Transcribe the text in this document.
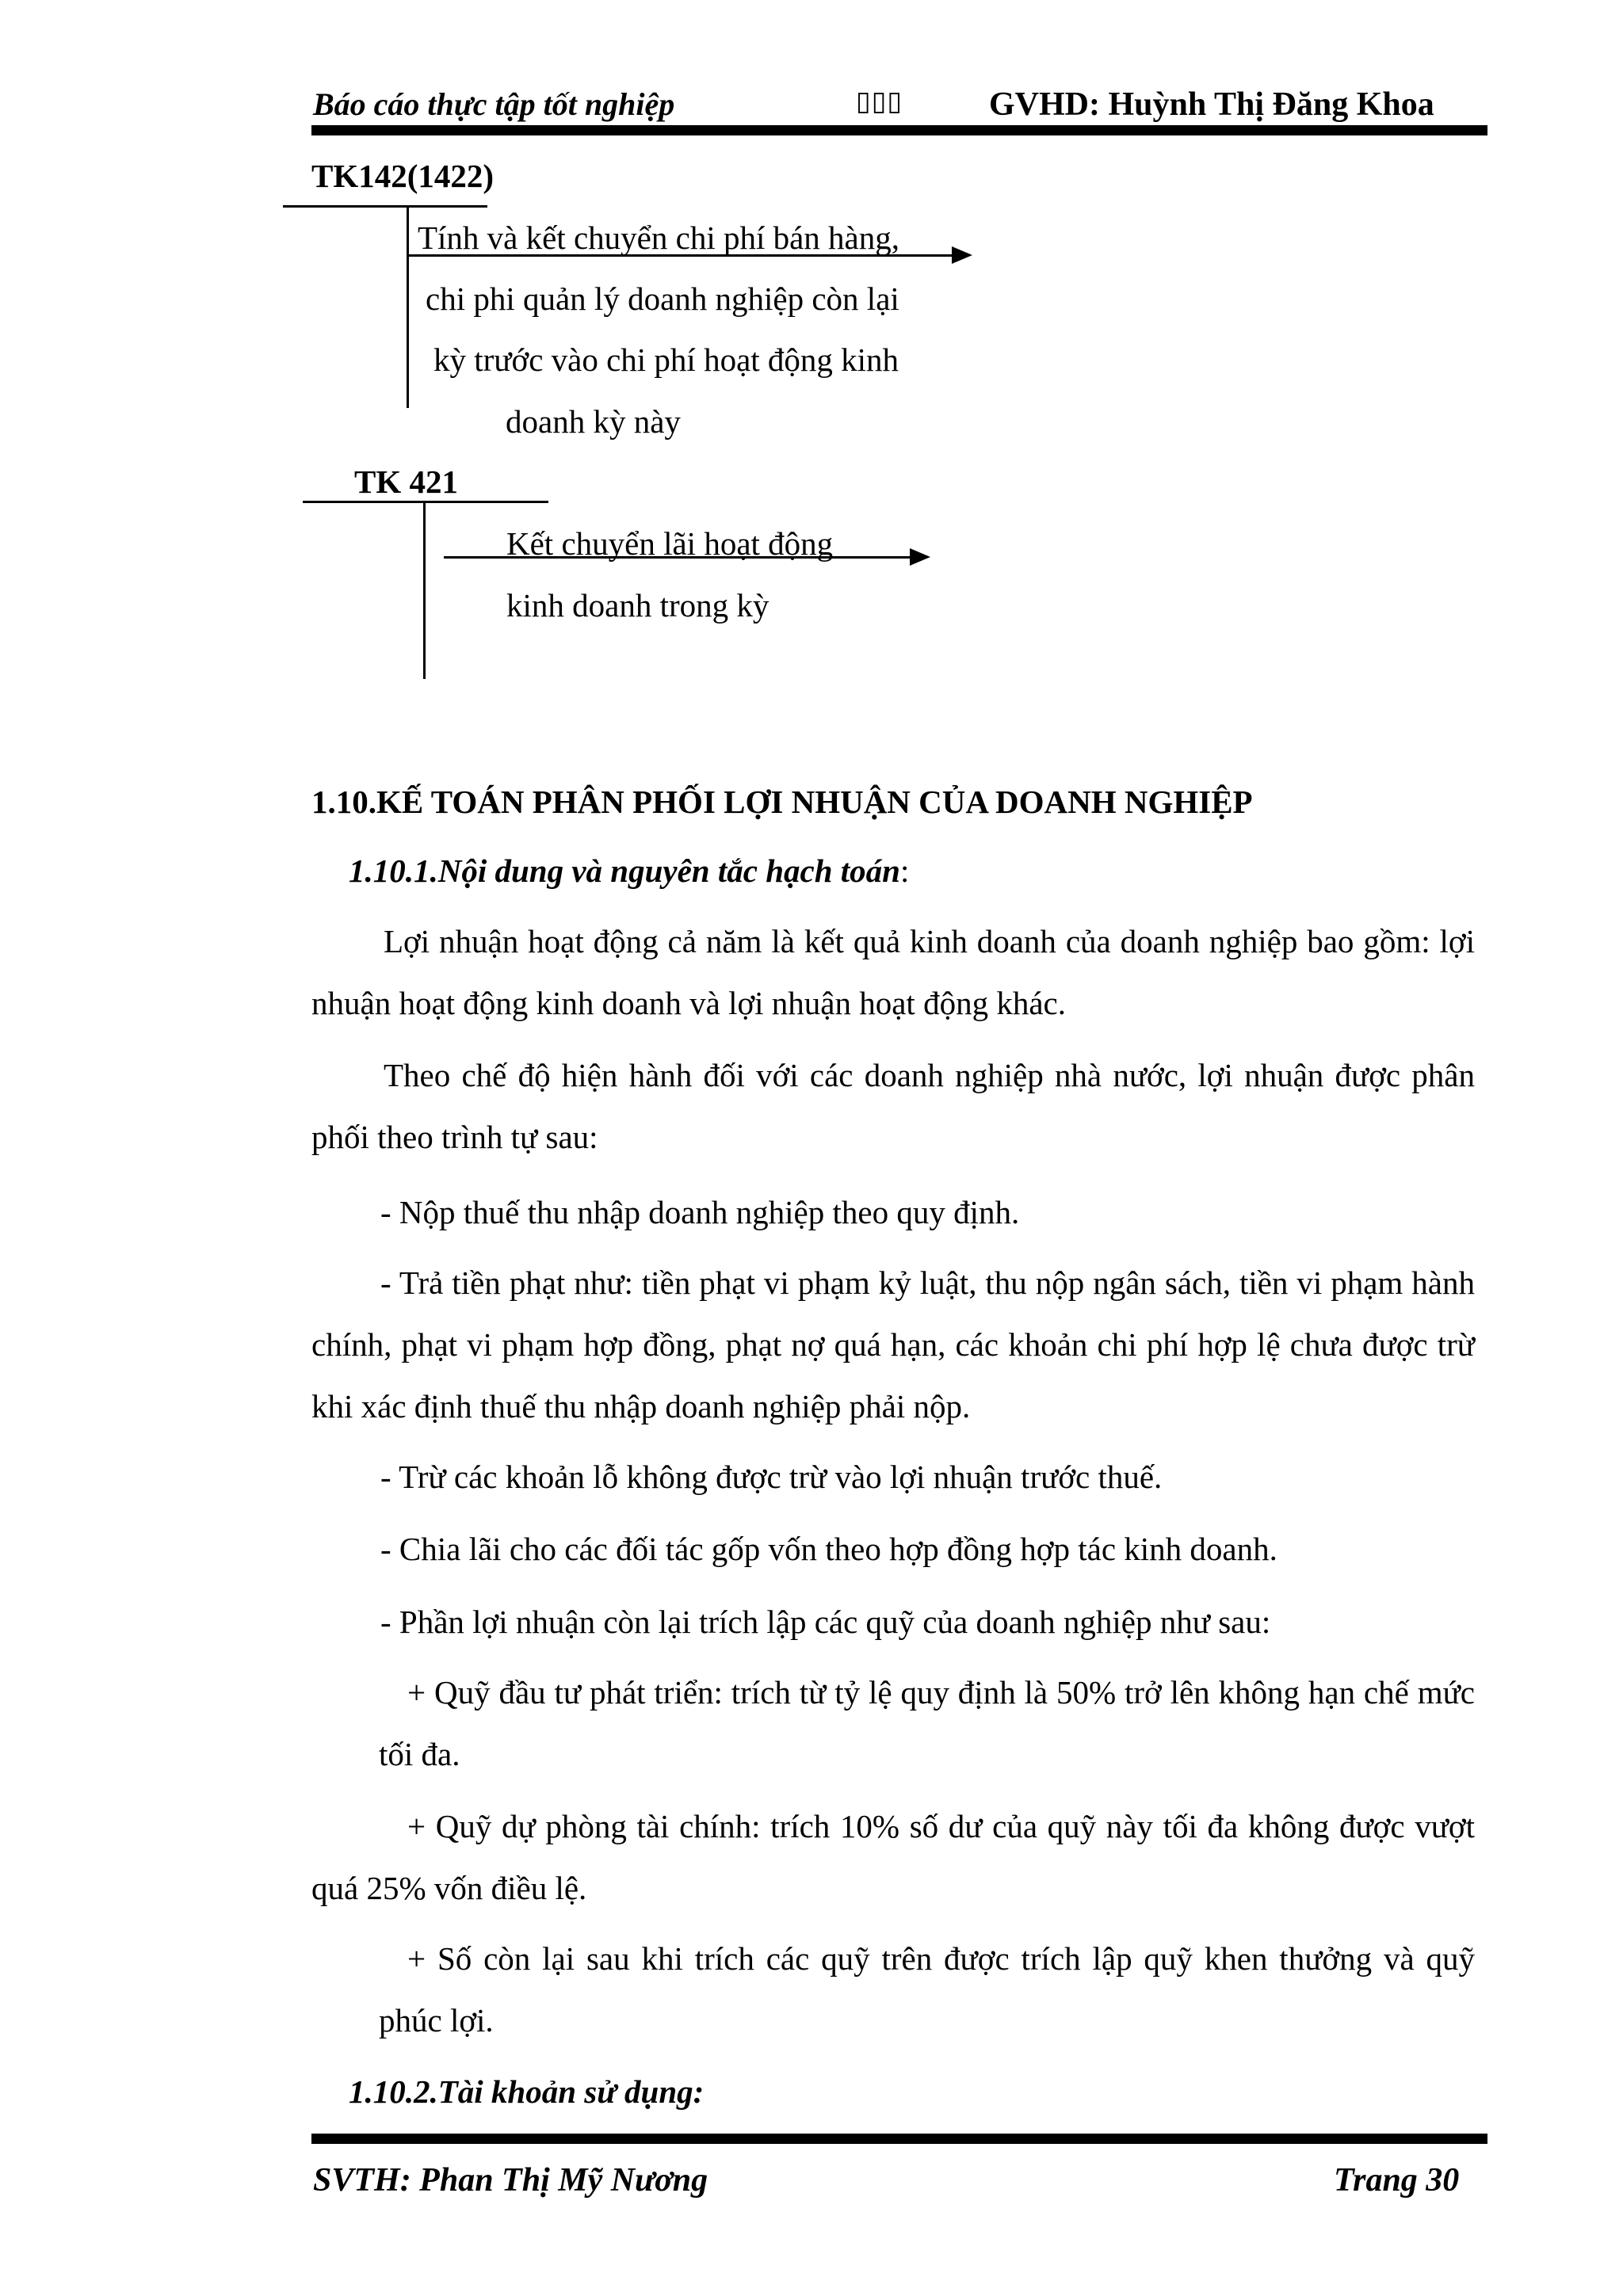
Báo cáo thực tập tốt nghiệp	▯▯▯	GVHD: Huỳnh Thị Đăng Khoa
TK142(1422)
Tính và kết chuyển chi phí bán hàng,
chi phi quản lý doanh nghiệp còn lại
kỳ trước vào chi phí hoạt động kinh
doanh kỳ này
TK 421
Kết chuyển lãi hoạt động
kinh doanh trong kỳ
1.10.KẾ TOÁN PHÂN PHỐI LỢI NHUẬN CỦA DOANH NGHIỆP
1.10.1.Nội dung và nguyên tắc hạch toán:
Lợi nhuận hoạt động cả năm là kết quả kinh doanh của doanh nghiệp bao gồm: lợi nhuận hoạt động kinh doanh và lợi nhuận hoạt động khác.
Theo chế độ hiện hành đối với các doanh nghiệp nhà nước, lợi nhuận được phân phối theo trình tự sau:
- Nộp thuế thu nhập doanh nghiệp theo quy định.
- Trả tiền phạt như: tiền phạt vi phạm kỷ luật, thu nộp ngân sách, tiền vi phạm hành chính, phạt vi phạm hợp đồng, phạt nợ quá hạn, các khoản chi phí hợp lệ chưa được trừ khi xác định thuế thu nhập doanh nghiệp phải nộp.
- Trừ các khoản lỗ không được trừ vào lợi nhuận trước thuế.
- Chia lãi cho các đối tác gốp vốn theo hợp đồng hợp tác kinh doanh.
- Phần lợi nhuận còn lại trích lập các quỹ của doanh nghiệp như sau:
+ Quỹ đầu tư phát triển: trích từ tỷ lệ quy định là 50% trở lên không hạn chế mức tối đa.
+ Quỹ dự phòng tài chính: trích 10% số dư của quỹ này tối đa không được vượt quá 25% vốn điều lệ.
+ Số còn lại sau khi trích các quỹ trên được trích lập quỹ khen thưởng và quỹ phúc lợi.
1.10.2.Tài khoản sử dụng:
SVTH: Phan Thị Mỹ Nương	Trang 30
